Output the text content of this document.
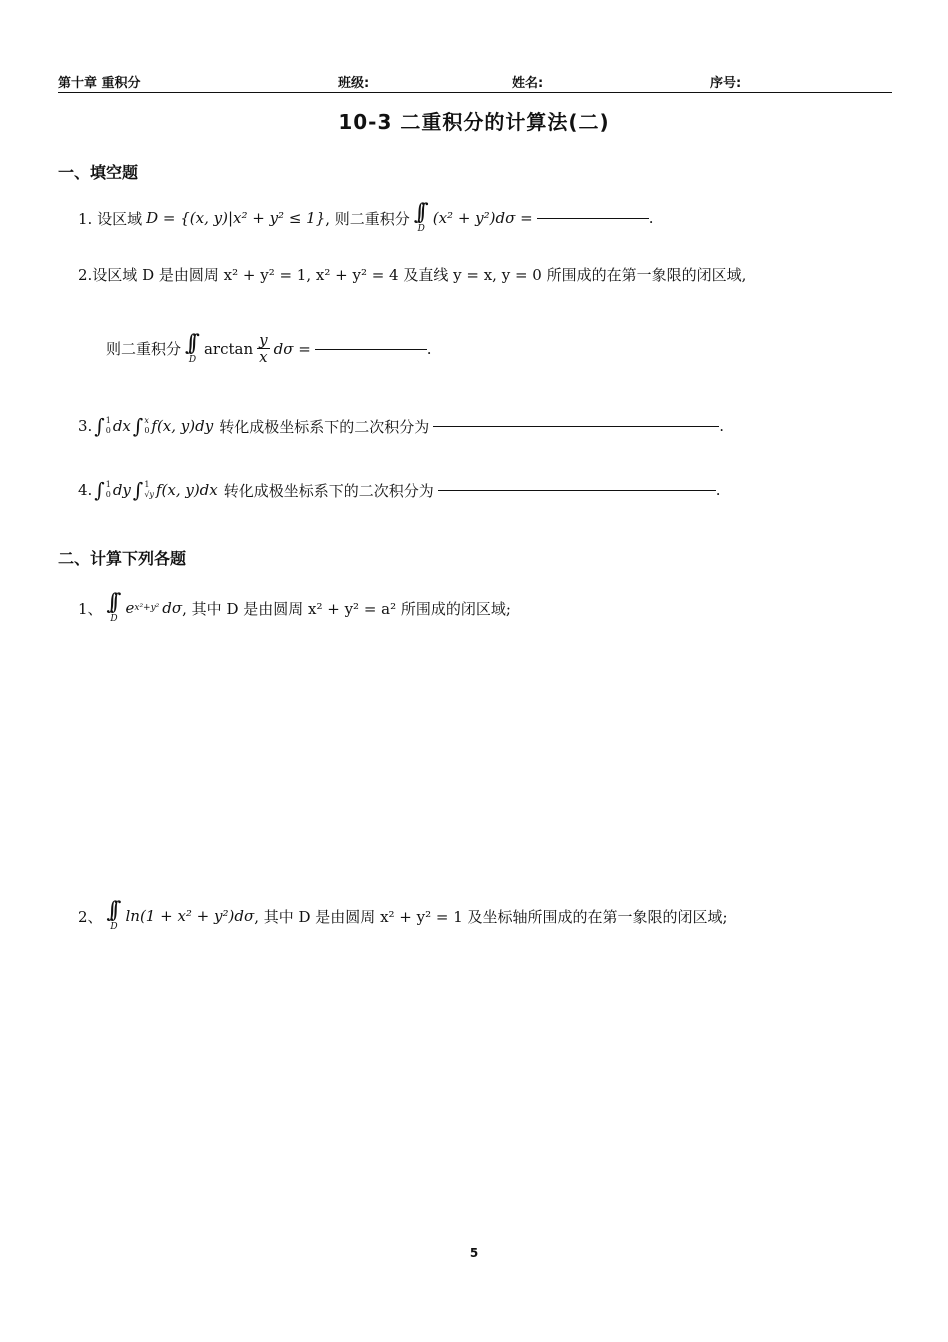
第十章 重积分	班级:	姓名:	序号:
10-3 二重积分的计算法(二)
一、填空题
1. 设区域 D = {(x, y)|x² + y² ≤ 1} , 则二重积分 ∫∫
D
(x² + y²)dσ =	.
2.设区域 D 是由圆周 x² + y² = 1, x² + y² = 4 及直线 y = x, y = 0 所围成的在第一象限的闭区域,
则二重积分 ∫∫
D
$\arctan \frac{y}{x}$ dσ =	.
3. ∫ 1
0 dx ∫ x
0 f(x, y)dy 转化成极坐标系下的二次积分为	.
4. ∫ 1
0 dy ∫ 1
√y f(x, y)dx 转化成极坐标系下的二次积分为	.
二、计算下列各题
1、 ∫∫
D
e x²+y² dσ , 其中 D 是由圆周 x² + y² = a² 所围成的闭区域;
2、 ∫∫
D
ln(1 + x² + y²)dσ , 其中 D 是由圆周 x² + y² = 1 及坐标轴所围成的在第一象限的闭区域;
5
